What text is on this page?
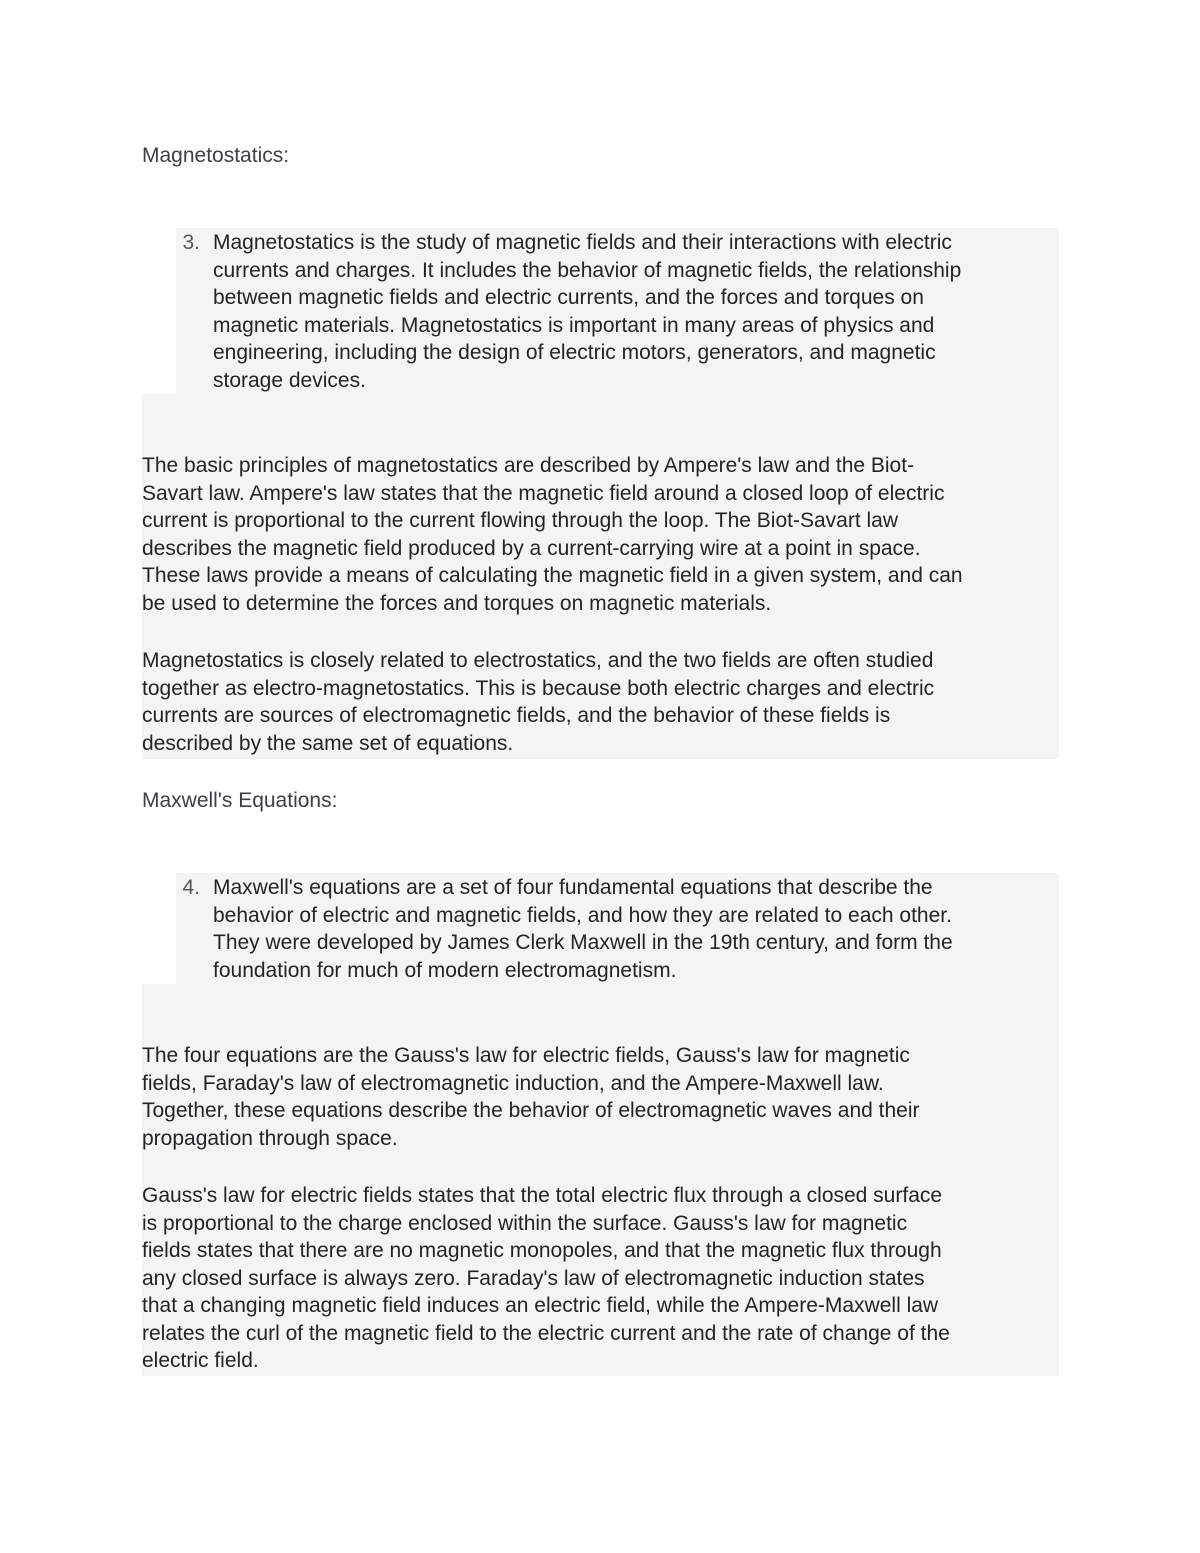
Magnetostatics:
3. Magnetostatics is the study of magnetic fields and their interactions with electric
currents and charges. It includes the behavior of magnetic fields, the relationship
between magnetic fields and electric currents, and the forces and torques on
magnetic materials. Magnetostatics is important in many areas of physics and
engineering, including the design of electric motors, generators, and magnetic
storage devices.
The basic principles of magnetostatics are described by Ampere's law and the Biot-
Savart law. Ampere's law states that the magnetic field around a closed loop of electric
current is proportional to the current flowing through the loop. The Biot-Savart law
describes the magnetic field produced by a current-carrying wire at a point in space.
These laws provide a means of calculating the magnetic field in a given system, and can
be used to determine the forces and torques on magnetic materials.
Magnetostatics is closely related to electrostatics, and the two fields are often studied
together as electro-magnetostatics. This is because both electric charges and electric
currents are sources of electromagnetic fields, and the behavior of these fields is
described by the same set of equations.
Maxwell's Equations:
4. Maxwell's equations are a set of four fundamental equations that describe the
behavior of electric and magnetic fields, and how they are related to each other.
They were developed by James Clerk Maxwell in the 19th century, and form the
foundation for much of modern electromagnetism.
The four equations are the Gauss's law for electric fields, Gauss's law for magnetic
fields, Faraday's law of electromagnetic induction, and the Ampere-Maxwell law.
Together, these equations describe the behavior of electromagnetic waves and their
propagation through space.
Gauss's law for electric fields states that the total electric flux through a closed surface
is proportional to the charge enclosed within the surface. Gauss's law for magnetic
fields states that there are no magnetic monopoles, and that the magnetic flux through
any closed surface is always zero. Faraday's law of electromagnetic induction states
that a changing magnetic field induces an electric field, while the Ampere-Maxwell law
relates the curl of the magnetic field to the electric current and the rate of change of the
electric field.
